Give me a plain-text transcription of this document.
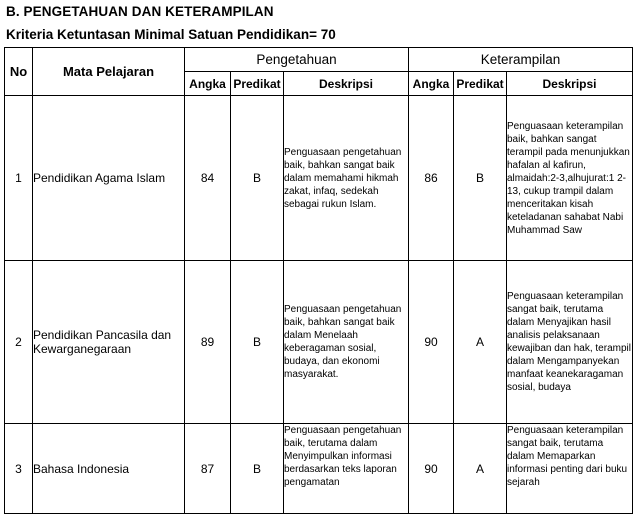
B. PENGETAHUAN DAN KETERAMPILAN
Kriteria Ketuntasan Minimal Satuan Pendidikan= 70
No	Mata Pelajaran	Pengetahuan			Keterampilan		
		Angka	Predikat	Deskripsi	Angka	Predikat	Deskripsi
1	Pendidikan Agama Islam	84	B	Penguasaan pengetahuan baik, bahkan sangat baik dalam memahami hikmah zakat, infaq, sedekah sebagai rukun Islam.	86	B	Penguasaan keterampilan baik, bahkan sangat terampil pada menunjukkan hafalan al kafirun, almaidah:2-3,alhujurat:1 2-13, cukup trampil dalam menceritakan kisah keteladanan sahabat Nabi Muhammad Saw
2	Pendidikan Pancasila dan Kewarganegaraan	89	B	Penguasaan pengetahuan baik, bahkan sangat baik dalam Menelaah keberagaman sosial, budaya, dan ekonomi masyarakat.	90	A	Penguasaan keterampilan sangat baik, terutama dalam Menyajikan hasil analisis pelaksanaan kewajiban dan hak, terampil dalam Mengampanyekan manfaat keanekaragaman sosial, budaya
3	Bahasa Indonesia	87	B	Penguasaan pengetahuan baik, terutama dalam Menyimpulkan informasi berdasarkan teks laporan pengamatan	90	A	Penguasaan keterampilan sangat baik, terutama dalam Memaparkan informasi penting dari buku sejarah
